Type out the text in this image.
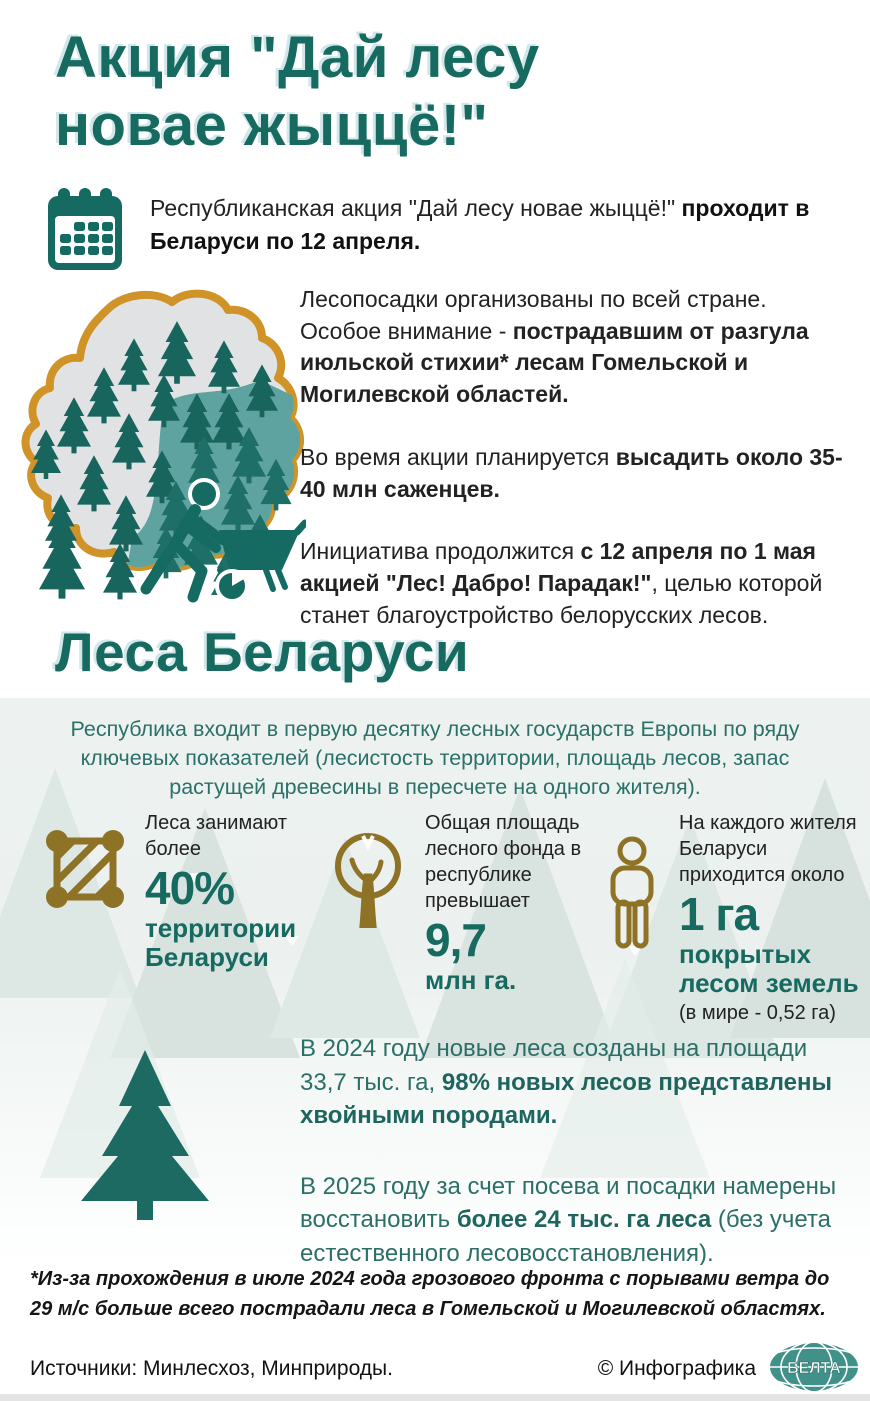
Акция "Дай лесу
новае жыццё!"
Республиканская акция "Дай лесу новае жыццё!" проходит в Беларуси по 12 апреля.

Лесопосадки организованы по всей стране. Особое внимание - пострадавшим от разгула июльской стихии* лесам Гомельской и Могилевской областей.

Во время акции планируется высадить около 35-40 млн саженцев.

Инициатива продолжится с 12 апреля по 1 мая акцией "Лес! Дабро! Парадак!", целью которой станет благоустройство белорусских лесов.

Леса Беларуси
Республика входит в первую десятку лесных государств Европы по ряду ключевых показателей (лесистость территории, площадь лесов, запас растущей древесины в пересчете на одного жителя).
Леса занимают более
40%
территории Беларуси
Общая площадь лесного фонда в республике превышает
9,7
млн га.
На каждого жителя Беларуси приходится около
1 га
покрытых лесом земель
(в мире - 0,52 га)

В 2024 году новые леса созданы на площади 33,7 тыс. га, 98% новых лесов представлены хвойными породами.

В 2025 году за счет посева и посадки намерены восстановить более 24 тыс. га леса (без учета естественного лесовосстановления).

*Из-за прохождения в июле 2024 года грозового фронта с порывами ветра до 29 м/с больше всего пострадали леса в Гомельской и Могилевской областях.
Источники: Минлесхоз, Минприроды.	© Инфографика БЕЛТА
